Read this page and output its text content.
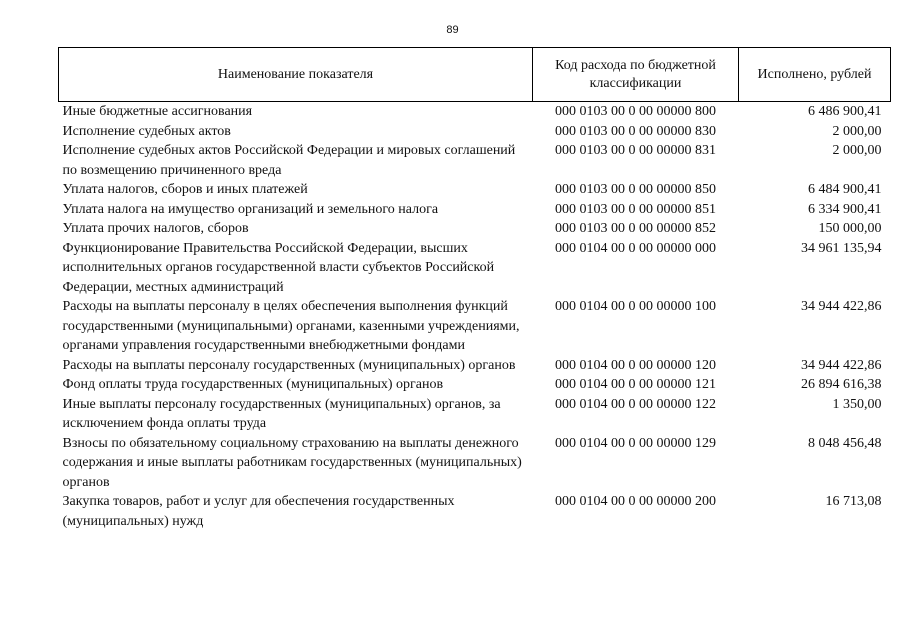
89
Наименование показателя	Код расхода по бюджетной классификации	Исполнено, рублей
Иные бюджетные ассигнования	000 0103 00 0 00 00000 800	6 486 900,41
Исполнение судебных актов	000 0103 00 0 00 00000 830	2 000,00
Исполнение судебных актов Российской Федерации и мировых соглашений по возмещению причиненного вреда	000 0103 00 0 00 00000 831	2 000,00
Уплата налогов, сборов и иных платежей	000 0103 00 0 00 00000 850	6 484 900,41
Уплата налога на имущество организаций и земельного налога	000 0103 00 0 00 00000 851	6 334 900,41
Уплата прочих налогов, сборов	000 0103 00 0 00 00000 852	150 000,00
Функционирование Правительства Российской Федерации, высших исполнительных органов государственной власти субъектов Российской Федерации, местных администраций	000 0104 00 0 00 00000 000	34 961 135,94
Расходы на выплаты персоналу в целях обеспечения выполнения функций государственными (муниципальными) органами, казенными учреждениями, органами управления государственными внебюджетными фондами	000 0104 00 0 00 00000 100	34 944 422,86
Расходы на выплаты персоналу государственных (муниципальных) органов	000 0104 00 0 00 00000 120	34 944 422,86
Фонд оплаты труда государственных (муниципальных) органов	000 0104 00 0 00 00000 121	26 894 616,38
Иные выплаты персоналу государственных (муниципальных) органов, за исключением фонда оплаты труда	000 0104 00 0 00 00000 122	1 350,00
Взносы по обязательному социальному страхованию на выплаты денежного содержания и иные выплаты работникам государственных (муниципальных) органов	000 0104 00 0 00 00000 129	8 048 456,48
Закупка товаров, работ и услуг для обеспечения государственных (муниципальных) нужд	000 0104 00 0 00 00000 200	16 713,08
